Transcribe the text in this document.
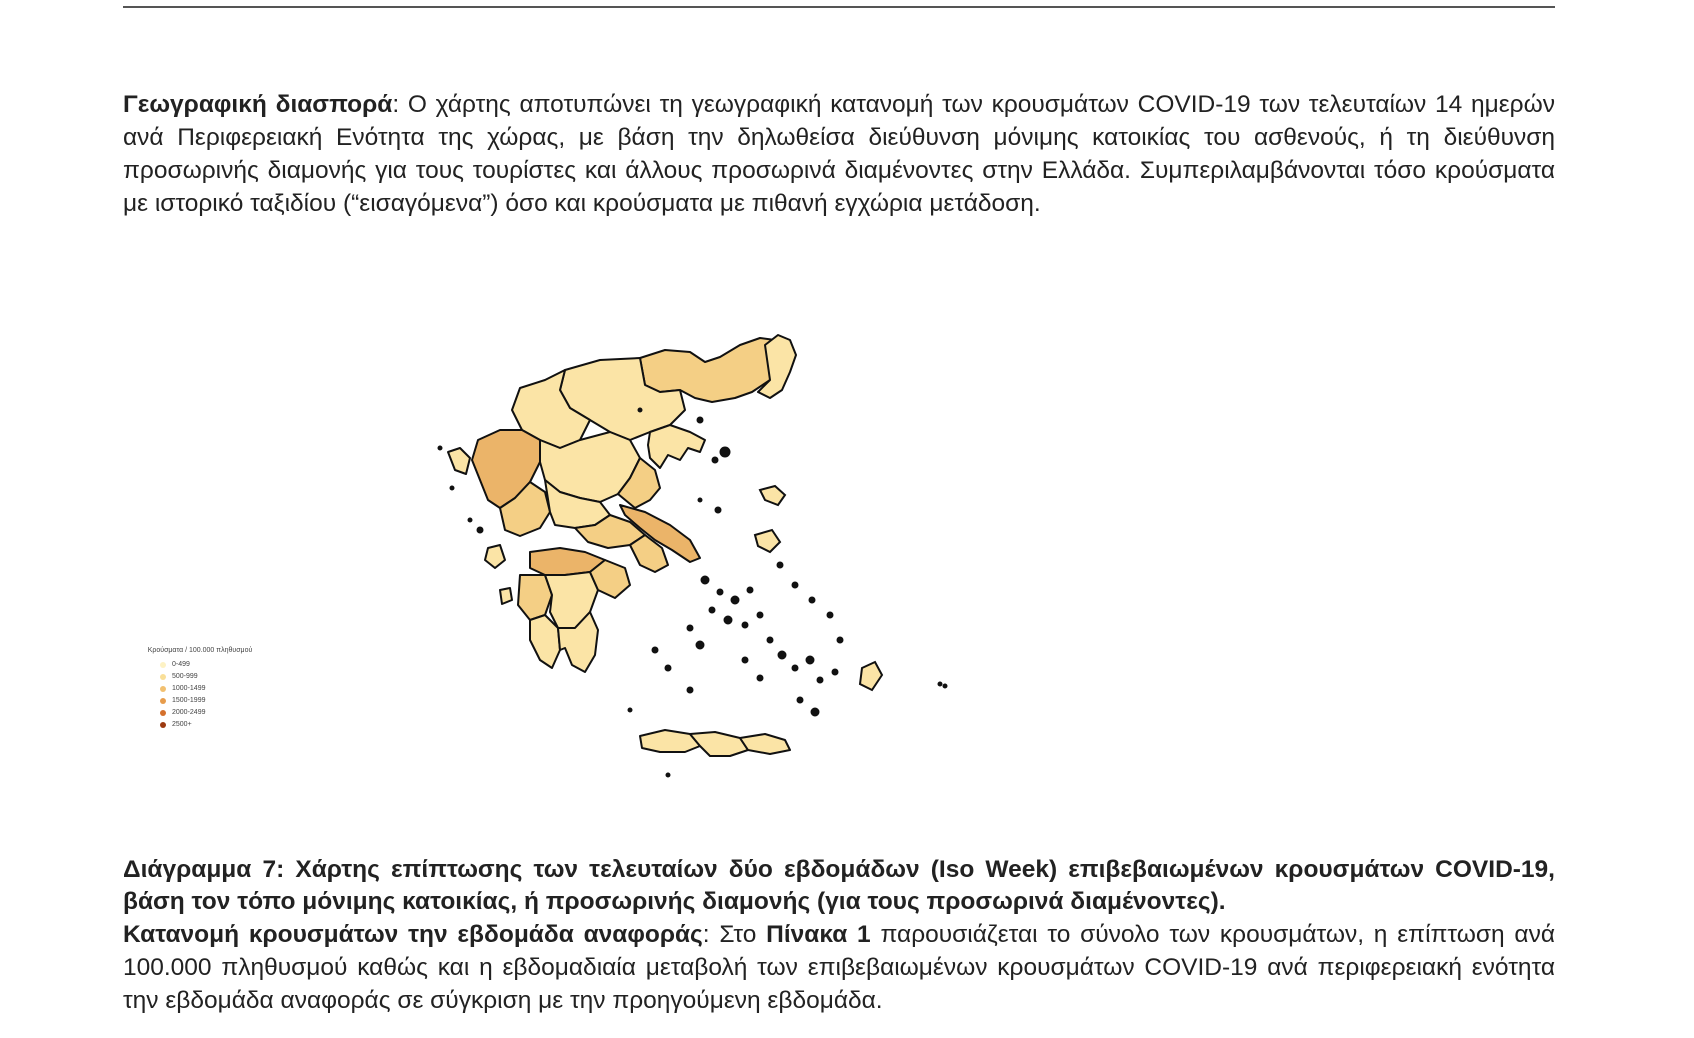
Γεωγραφική διασπορά: Ο χάρτης αποτυπώνει τη γεωγραφική κατανομή των κρουσμάτων COVID-19 των τελευταίων 14 ημερών ανά Περιφερειακή Ενότητα της χώρας, με βάση την δηλωθείσα διεύθυνση μόνιμης κατοικίας του ασθενούς, ή τη διεύθυνση προσωρινής διαμονής για τους τουρίστες και άλλους προσωρινά διαμένοντες στην Ελλάδα. Συμπεριλαμβάνονται τόσο κρούσματα με ιστορικό ταξιδίου (“εισαγόμενα”) όσο και κρούσματα με πιθανή εγχώρια μετάδοση.

Κρούσματα / 100.000 πληθυσμού
0-499
500-999
1000-1499
1500-1999
2000-2499
2500+

Διάγραμμα 7: Χάρτης επίπτωσης των τελευταίων δύο εβδομάδων (Iso Week) επιβεβαιωμένων κρουσμάτων COVID-19, βάση τον τόπο μόνιμης κατοικίας, ή προσωρινής διαμονής (για τους προσωρινά διαμένοντες).

Κατανομή κρουσμάτων την εβδομάδα αναφοράς: Στο Πίνακα 1 παρουσιάζεται το σύνολο των κρουσμάτων, η επίπτωση ανά 100.000 πληθυσμού καθώς και η εβδομαδιαία μεταβολή των επιβεβαιωμένων κρουσμάτων COVID-19 ανά περιφερειακή ενότητα την εβδομάδα αναφοράς σε σύγκριση με την προηγούμενη εβδομάδα.
